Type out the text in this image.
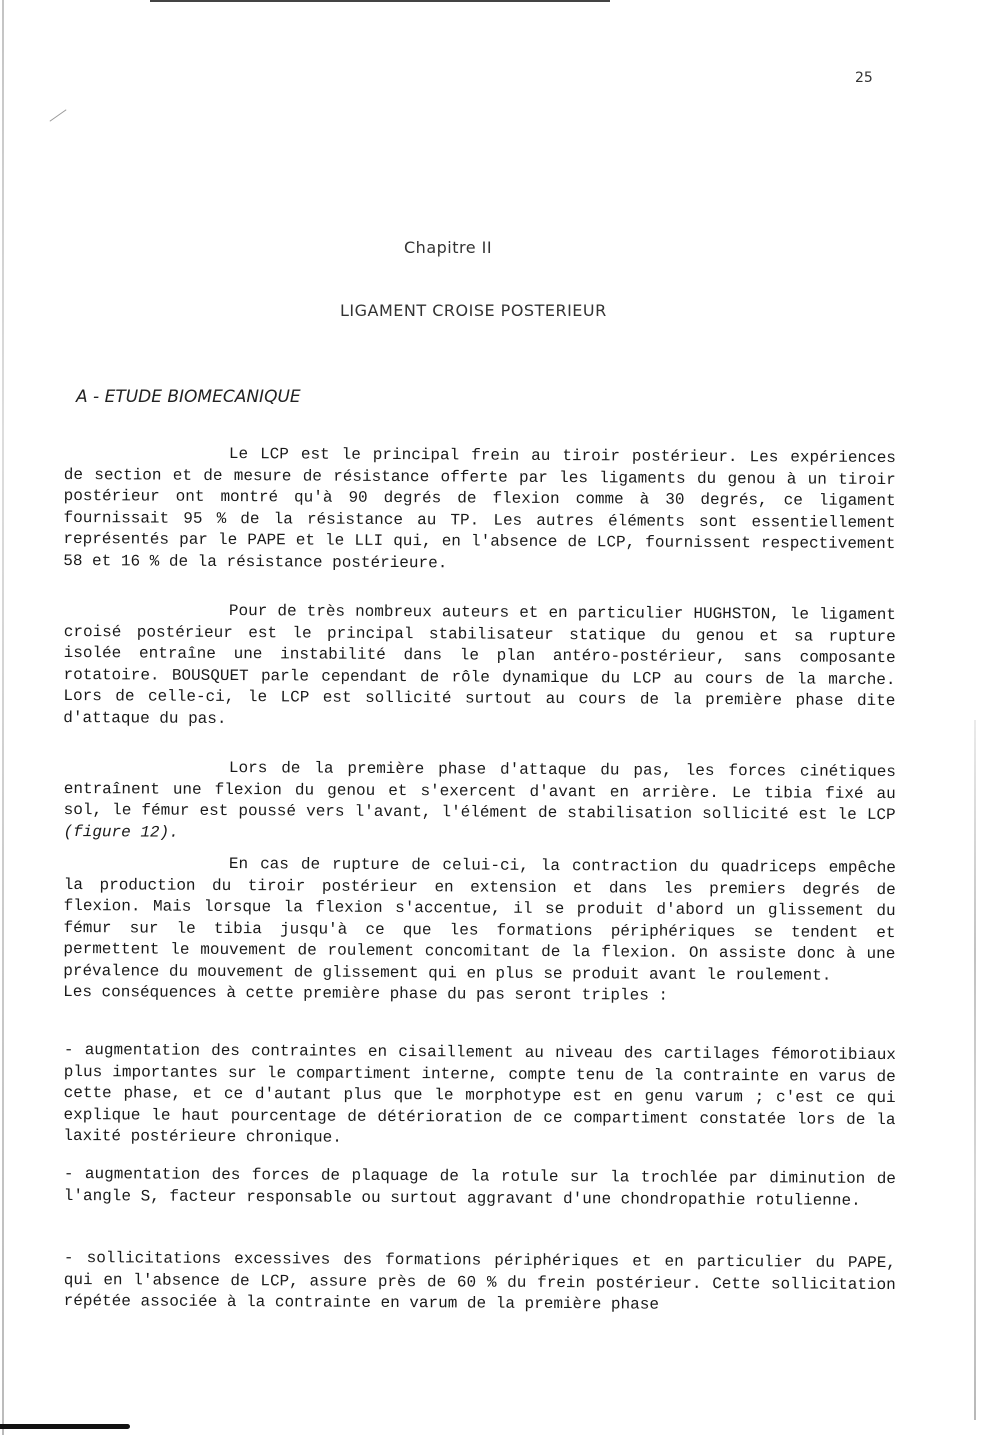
25
Chapitre II
LIGAMENT CROISE POSTERIEUR
A - ETUDE BIOMECANIQUE

Le LCP est le principal frein au tiroir postérieur. Les expériences de section et de mesure de résistance offerte par les ligaments du genou à un tiroir postérieur ont montré qu'à 90 degrés de flexion comme à 30 degrés, ce ligament fournissait 95 % de la résistance au TP. Les autres éléments sont essentiellement représentés par le PAPE et le LLI qui, en l'absence de LCP, fournissent respectivement 58 et 16 % de la résistance postérieure.

Pour de très nombreux auteurs et en particulier HUGHSTON, le ligament croisé postérieur est le principal stabilisateur statique du genou et sa rupture isolée entraîne une instabilité dans le plan antéro-postérieur, sans composante rotatoire. BOUSQUET parle cependant de rôle dynamique du LCP au cours de la marche. Lors de celle-ci, le LCP est sollicité surtout au cours de la première phase dite d'attaque du pas.

Lors de la première phase d'attaque du pas, les forces cinétiques entraînent une flexion du genou et s'exercent d'avant en arrière. Le tibia fixé au sol, le fémur est poussé vers l'avant, l'élément de stabilisation sollicité est le LCP (figure 12).

En cas de rupture de celui-ci, la contraction du quadriceps empêche la production du tiroir postérieur en extension et dans les premiers degrés de flexion. Mais lorsque la flexion s'accentue, il se produit d'abord un glissement du fémur sur le tibia jusqu'à ce que les formations périphériques se tendent et permettent le mouvement de roulement concomitant de la flexion. On assiste donc à une prévalence du mouvement de glissement qui en plus se produit avant le roulement.

Les conséquences à cette première phase du pas seront triples :

- augmentation des contraintes en cisaillement au niveau des cartilages fémorotibiaux plus importantes sur le compartiment interne, compte tenu de la contrainte en varus de cette phase, et ce d'autant plus que le morphotype est en genu varum ; c'est ce qui explique le haut pourcentage de détérioration de ce compartiment constatée lors de la laxité postérieure chronique.

- augmentation des forces de plaquage de la rotule sur la trochlée par diminution de l'angle S, facteur responsable ou surtout aggravant d'une chondropathie rotulienne.

- sollicitations excessives des formations périphériques et en particulier du PAPE, qui en l'absence de LCP, assure près de 60 % du frein postérieur. Cette sollicitation répétée associée à la contrainte en varum de la première phase
